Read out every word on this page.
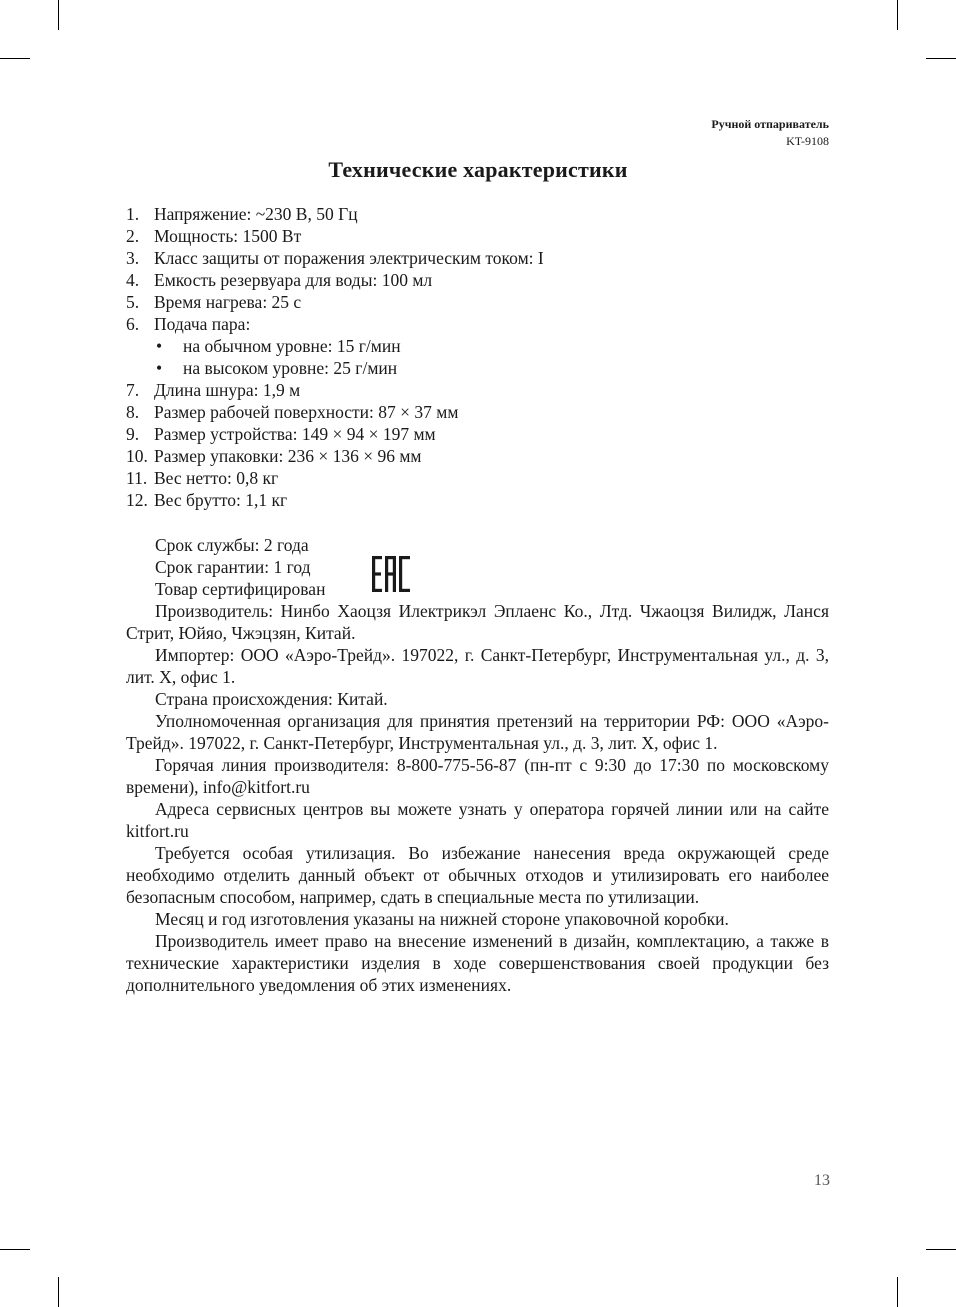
Ручной отпариватель
KT-9108
Технические характеристики
1. Напряжение: ~230 В, 50 Гц
2. Мощность: 1500 Вт
3. Класс защиты от поражения электрическим током: I
4. Емкость резервуара для воды: 100 мл
5. Время нагрева: 25 с
6. Подача пара:
•	на обычном уровне: 15 г/мин
•	на высоком уровне: 25 г/мин
7. Длина шнура: 1,9 м
8. Размер рабочей поверхности: 87 × 37 мм
9. Размер устройства: 149 × 94 × 197 мм
10. Размер упаковки: 236 × 136 × 96 мм
11. Вес нетто: 0,8 кг
12. Вес брутто: 1,1 кг
Срок службы: 2 года
Срок гарантии: 1 год
Товар сертифицирован
Производитель: Нинбо Хаоцзя Илектрикэл Эплаенс Ко., Лтд. Чжаоцзя Вилидж, Ланся Стрит, Юйяо, Чжэцзян, Китай.
Импортер: ООО «Аэро-Трейд». 197022, г. Санкт-Петербург, Инструментальная ул., д. 3, лит. Х, офис 1.
Страна происхождения: Китай.
Уполномоченная организация для принятия претензий на территории РФ: ООО «Аэро-Трейд». 197022, г. Санкт-Петербург, Инструментальная ул., д. 3, лит. Х, офис 1.
Горячая линия производителя: 8-800-775-56-87 (пн-пт с 9:30 до 17:30 по московскому времени), info@kitfort.ru
Адреса сервисных центров вы можете узнать у оператора горячей линии или на сайте kitfort.ru
Требуется особая утилизация. Во избежание нанесения вреда окружающей среде необходимо отделить данный объект от обычных отходов и утилизировать его наиболее безопасным способом, например, сдать в специальные места по утилизации.
Месяц и год изготовления указаны на нижней стороне упаковочной коробки.
Производитель имеет право на внесение изменений в дизайн, комплектацию, а также в технические характеристики изделия в ходе совершенствования своей продукции без дополнительного уведомления об этих изменениях.
13
